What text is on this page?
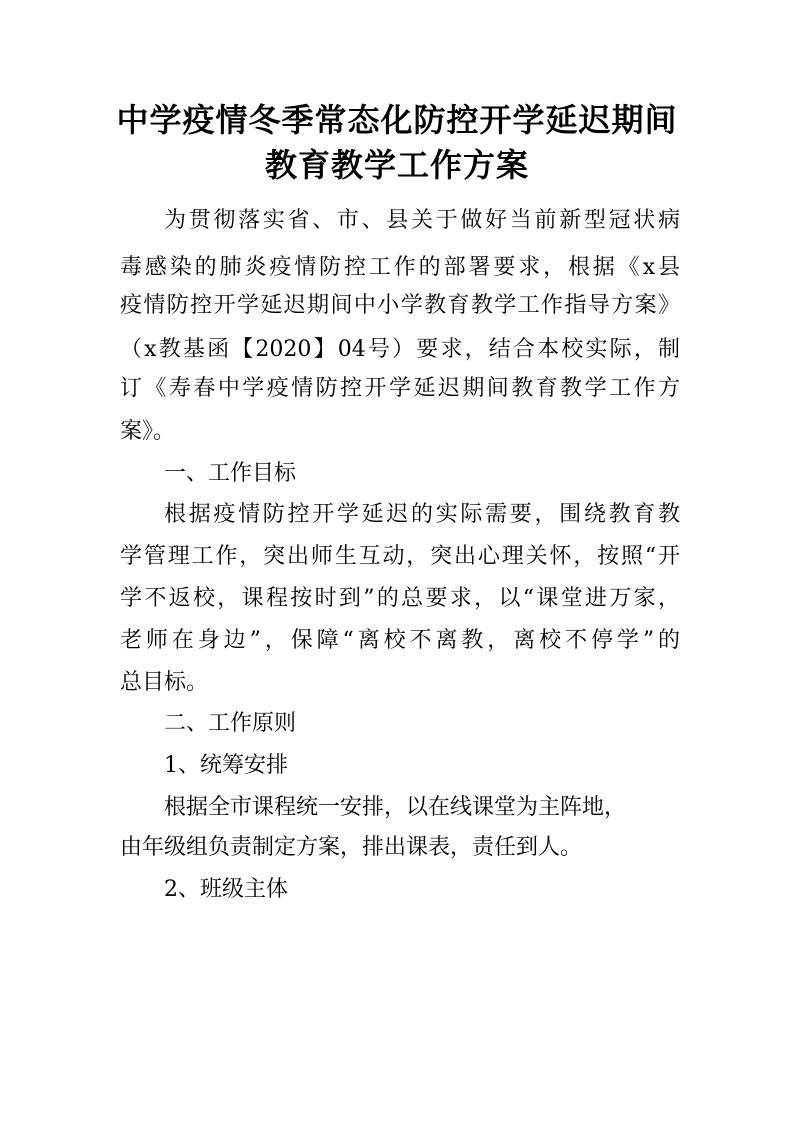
中学疫情冬季常态化防控开学延迟期间
教育教学工作方案
为贯彻落实省、市、县关于做好当前新型冠状病
毒感染的肺炎疫情防控工作的部署要求，根据《x县
疫情防控开学延迟期间中小学教育教学工作指导方案》
（x教基函【2020】04号）要求，结合本校实际，制
订《寿春中学疫情防控开学延迟期间教育教学工作方
案》。
一、工作目标
根据疫情防控开学延迟的实际需要，围绕教育教
学管理工作，突出师生互动，突出心理关怀，按照“开
学不返校，课程按时到”的总要求，以“课堂进万家，
老师在身边”，保障“离校不离教，离校不停学”的
总目标。
二、工作原则
1、统筹安排
根据全市课程统一安排，以在线课堂为主阵地，
由年级组负责制定方案，排出课表，责任到人。
2、班级主体
